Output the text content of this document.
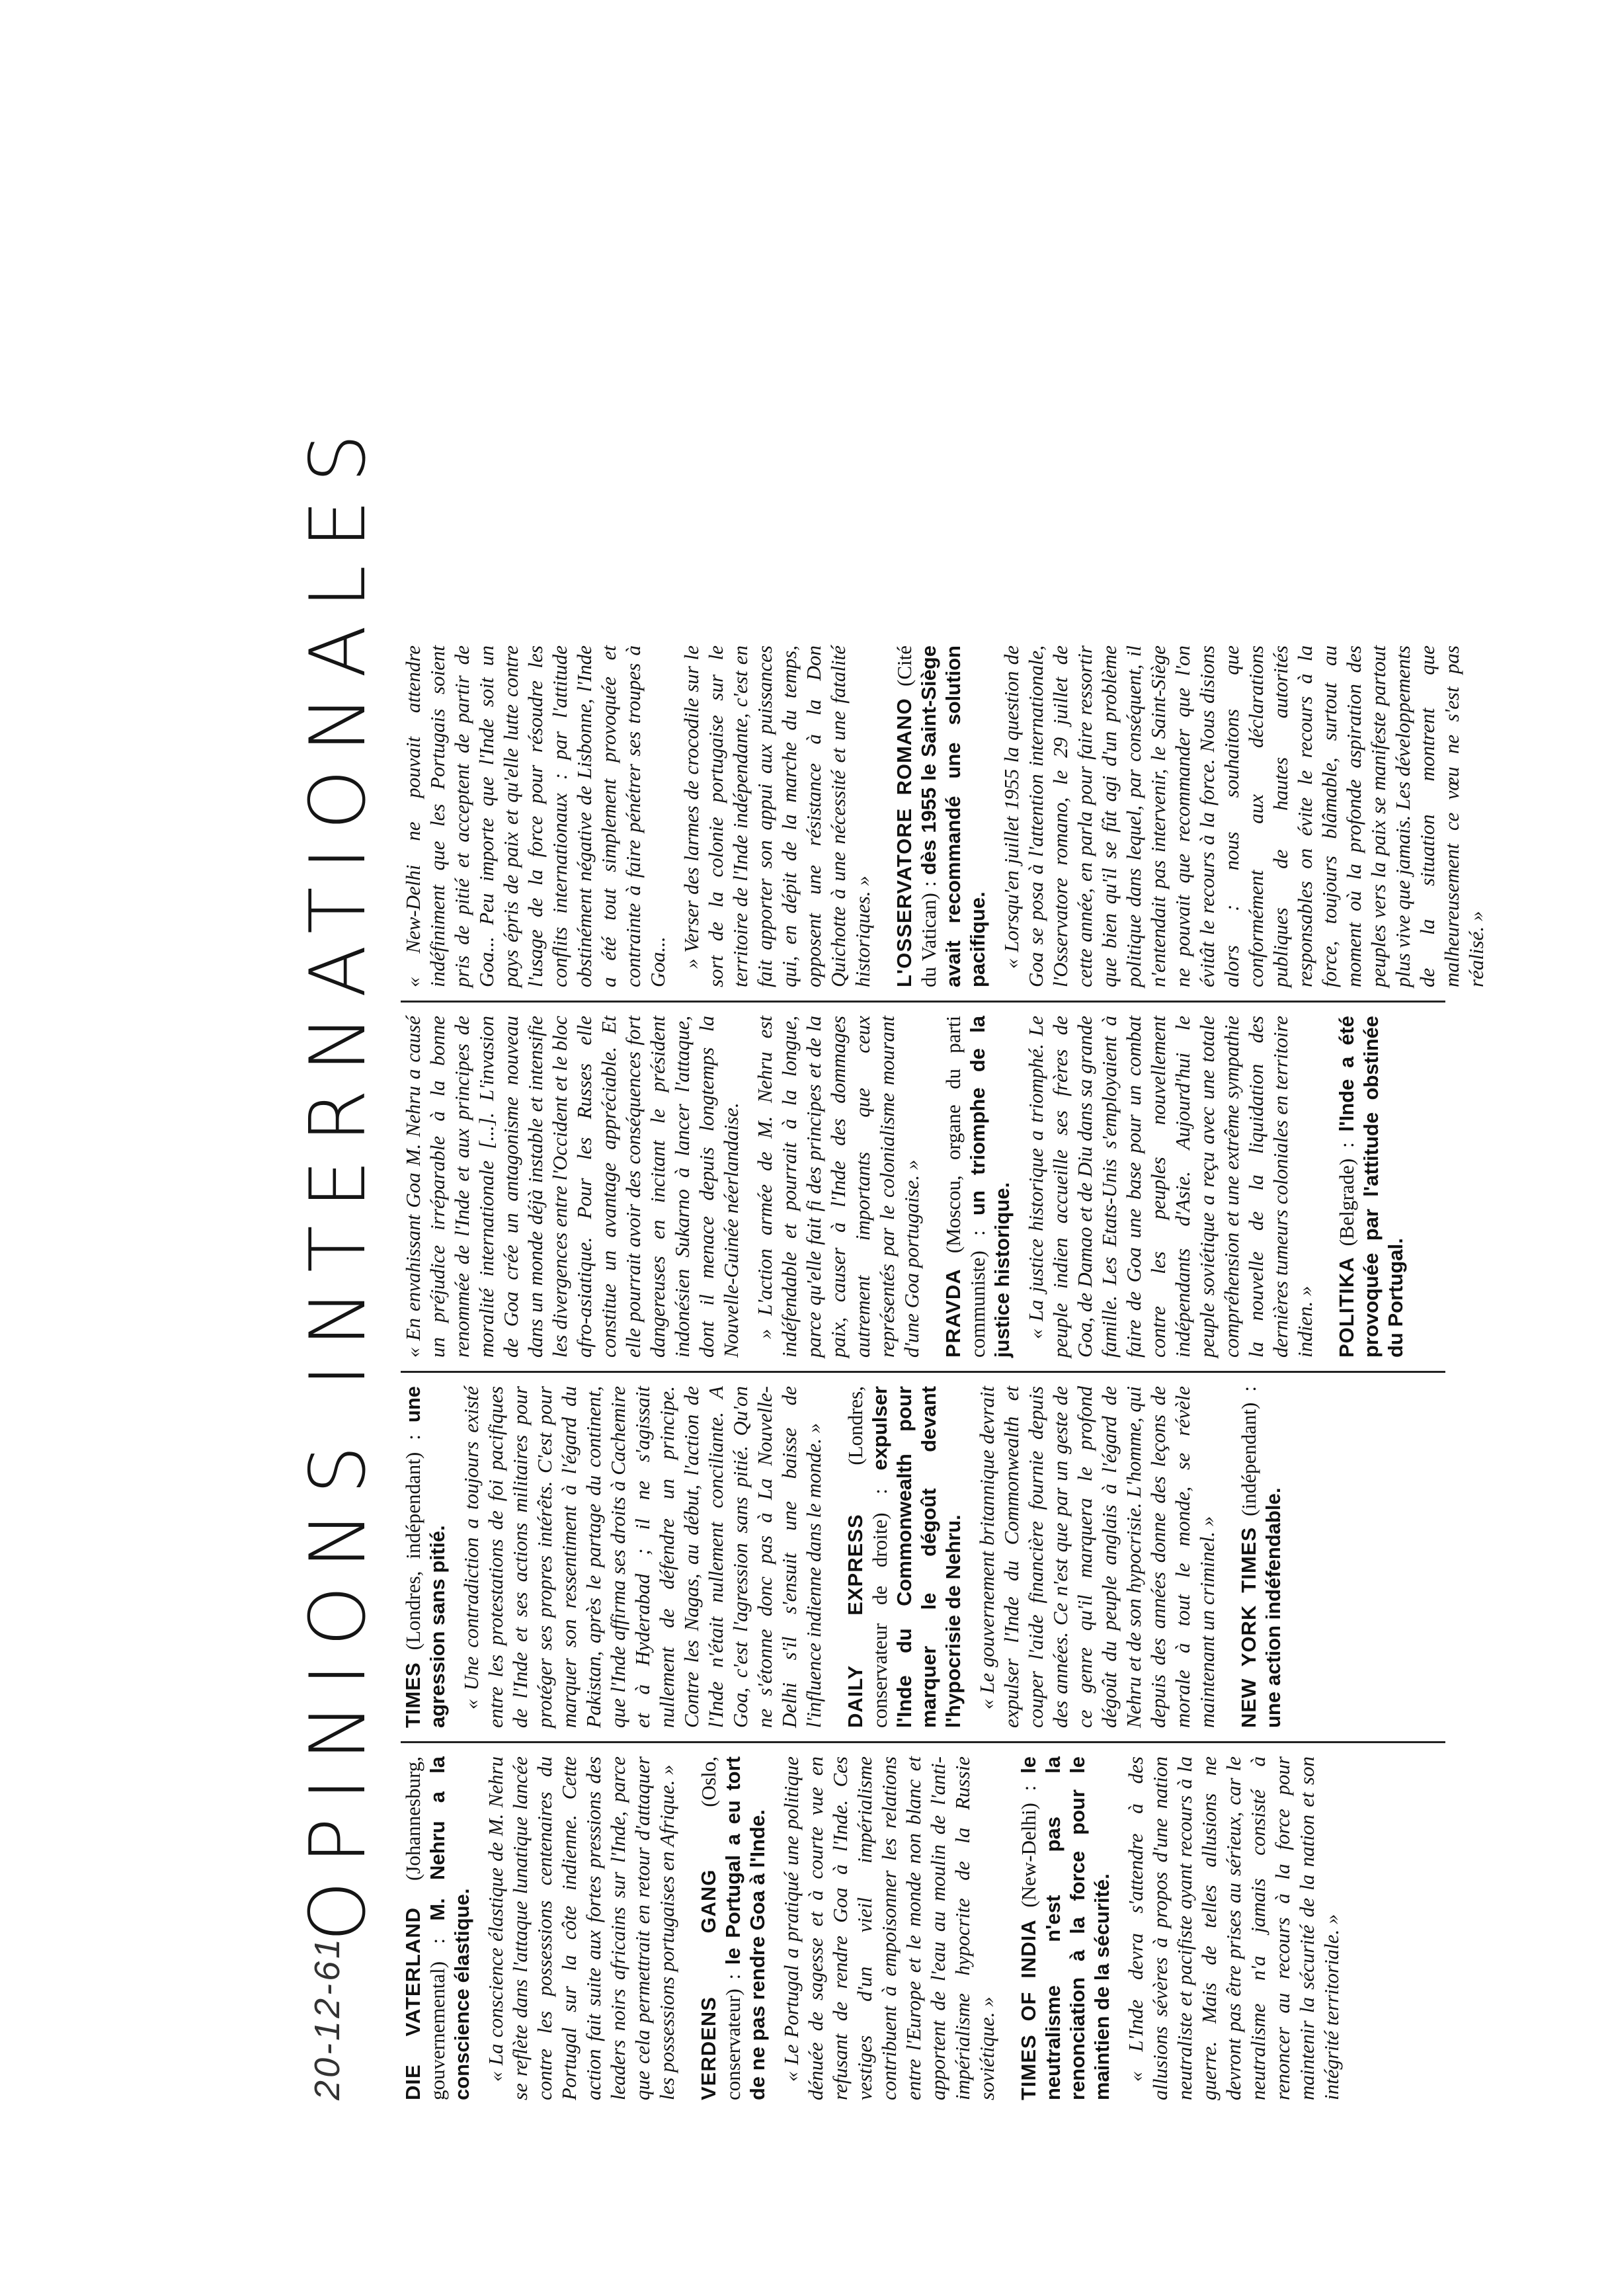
20-12-61
OPINIONS INTERNATIONALES
DIE VATERLAND (Johannesburg, gouvernemental) : M. Nehru a la conscience élastique. « La conscience élastique de M. Nehru se reflète dans l'attaque lunatique lancée contre les possessions centenaires du Portugal sur la côte indienne. Cette action fait suite aux fortes pressions des leaders noirs africains sur l'Inde, parce que cela permettrait en retour d'attaquer les possessions portugaises en Afrique. » VERDENS GANG (Oslo, conservateur) : le Portugal a eu tort de ne pas rendre Goa à l'Inde. « Le Portugal a pratiqué une politique dénuée de sagesse et à courte vue en refusant de rendre Goa à l'Inde. Ces vestiges d'un vieil impérialisme contribuent à empoisonner les relations entre l'Europe et le monde non blanc et apportent de l'eau au moulin de l'anti-impérialisme hypocrite de la Russie soviétique. » TIMES OF INDIA (New-Delhi) : le neutralisme n'est pas la renonciation à la force pour le maintien de la sécurité. « L'Inde devra s'attendre à des allusions sévères à propos d'une nation neutraliste et pacifiste ayant recours à la guerre. Mais de telles allusions ne devront pas être prises au sérieux, car le neutralisme n'a jamais consisté à renoncer au recours à la force pour maintenir la sécurité de la nation et son intégrité territoriale. »

TIMES (Londres, indépendant) : une agression sans pitié. « Une contradiction a toujours existé entre les protestations de foi pacifiques de l'Inde et ses actions militaires pour protéger ses propres intérêts. C'est pour marquer son ressentiment à l'égard du Pakistan, après le partage du continent, que l'Inde affirma ses droits à Cachemire et à Hyderabad ; il ne s'agissait nullement de défendre un principe. Contre les Nagas, au début, l'action de l'Inde n'était nullement conciliante. A Goa, c'est l'agression sans pitié. Qu'on ne s'étonne donc pas à La Nouvelle-Delhi s'il s'ensuit une baisse de l'influence indienne dans le monde. » DAILY EXPRESS (Londres, conservateur de droite) : expulser l'Inde du Commonwealth pour marquer le dégoût devant l'hypocrisie de Nehru. « Le gouvernement britannique devrait expulser l'Inde du Commonwealth et couper l'aide financière fournie depuis des années. Ce n'est que par un geste de ce genre qu'il marquera le profond dégoût du peuple anglais à l'égard de Nehru et de son hypocrisie. L'homme, qui depuis des années donne des leçons de morale à tout le monde, se révèle maintenant un criminel. » NEW YORK TIMES (indépendant) : une action indéfendable.

« En envahissant Goa M. Nehru a causé un préjudice irréparable à la bonne renommée de l'Inde et aux principes de moralité internationale [...]. L'invasion de Goa crée un antagonisme nouveau dans un monde déjà instable et intensifie les divergences entre l'Occident et le bloc afro-asiatique. Pour les Russes elle constitue un avantage appréciable. Et elle pourrait avoir des conséquences fort dangereuses en incitant le président indonésien Sukarno à lancer l'attaque, dont il menace depuis longtemps la Nouvelle-Guinée néerlandaise. » L'action armée de M. Nehru est indéfendable et pourrait à la longue, parce qu'elle fait fi des principes et de la paix, causer à l'Inde des dommages autrement importants que ceux représentés par le colonialisme mourant d'une Goa portugaise. » PRAVDA (Moscou, organe du parti communiste) : un triomphe de la justice historique. « La justice historique a triomphé. Le peuple indien accueille ses frères de Goa, de Damao et de Diu dans sa grande famille. Les Etats-Unis s'employaient à faire de Goa une base pour un combat contre les peuples nouvellement indépendants d'Asie. Aujourd'hui le peuple soviétique a reçu avec une totale compréhension et une extrême sympathie la nouvelle de la liquidation des dernières tumeurs coloniales en territoire indien. » POLITIKA (Belgrade) : l'Inde a été provoquée par l'attitude obstinée du Portugal.

« New-Delhi ne pouvait attendre indéfiniment que les Portugais soient pris de pitié et acceptent de partir de Goa... Peu importe que l'Inde soit un pays épris de paix et qu'elle lutte contre l'usage de la force pour résoudre les conflits internationaux : par l'attitude obstinément négative de Lisbonne, l'Inde a été tout simplement provoquée et contrainte à faire pénétrer ses troupes à Goa... » Verser des larmes de crocodile sur le sort de la colonie portugaise sur le territoire de l'Inde indépendante, c'est en fait apporter son appui aux puissances qui, en dépit de la marche du temps, opposent une résistance à la Don Quichotte à une nécessité et une fatalité historiques. » L'OSSERVATORE ROMANO (Cité du Vatican) : dès 1955 le Saint-Siège avait recommandé une solution pacifique. « Lorsqu'en juillet 1955 la question de Goa se posa à l'attention internationale, l'Osservatore romano, le 29 juillet de cette année, en parla pour faire ressortir que bien qu'il se fût agi d'un problème politique dans lequel, par conséquent, il n'entendait pas intervenir, le Saint-Siège ne pouvait que recommander que l'on évitât le recours à la force. Nous disions alors : nous souhaitons que conformément aux déclarations publiques de hautes autorités responsables on évite le recours à la force, toujours blâmable, surtout au moment où la profonde aspiration des peuples vers la paix se manifeste partout plus vive que jamais. Les développements de la situation montrent que malheureusement ce vœu ne s'est pas réalisé. »
